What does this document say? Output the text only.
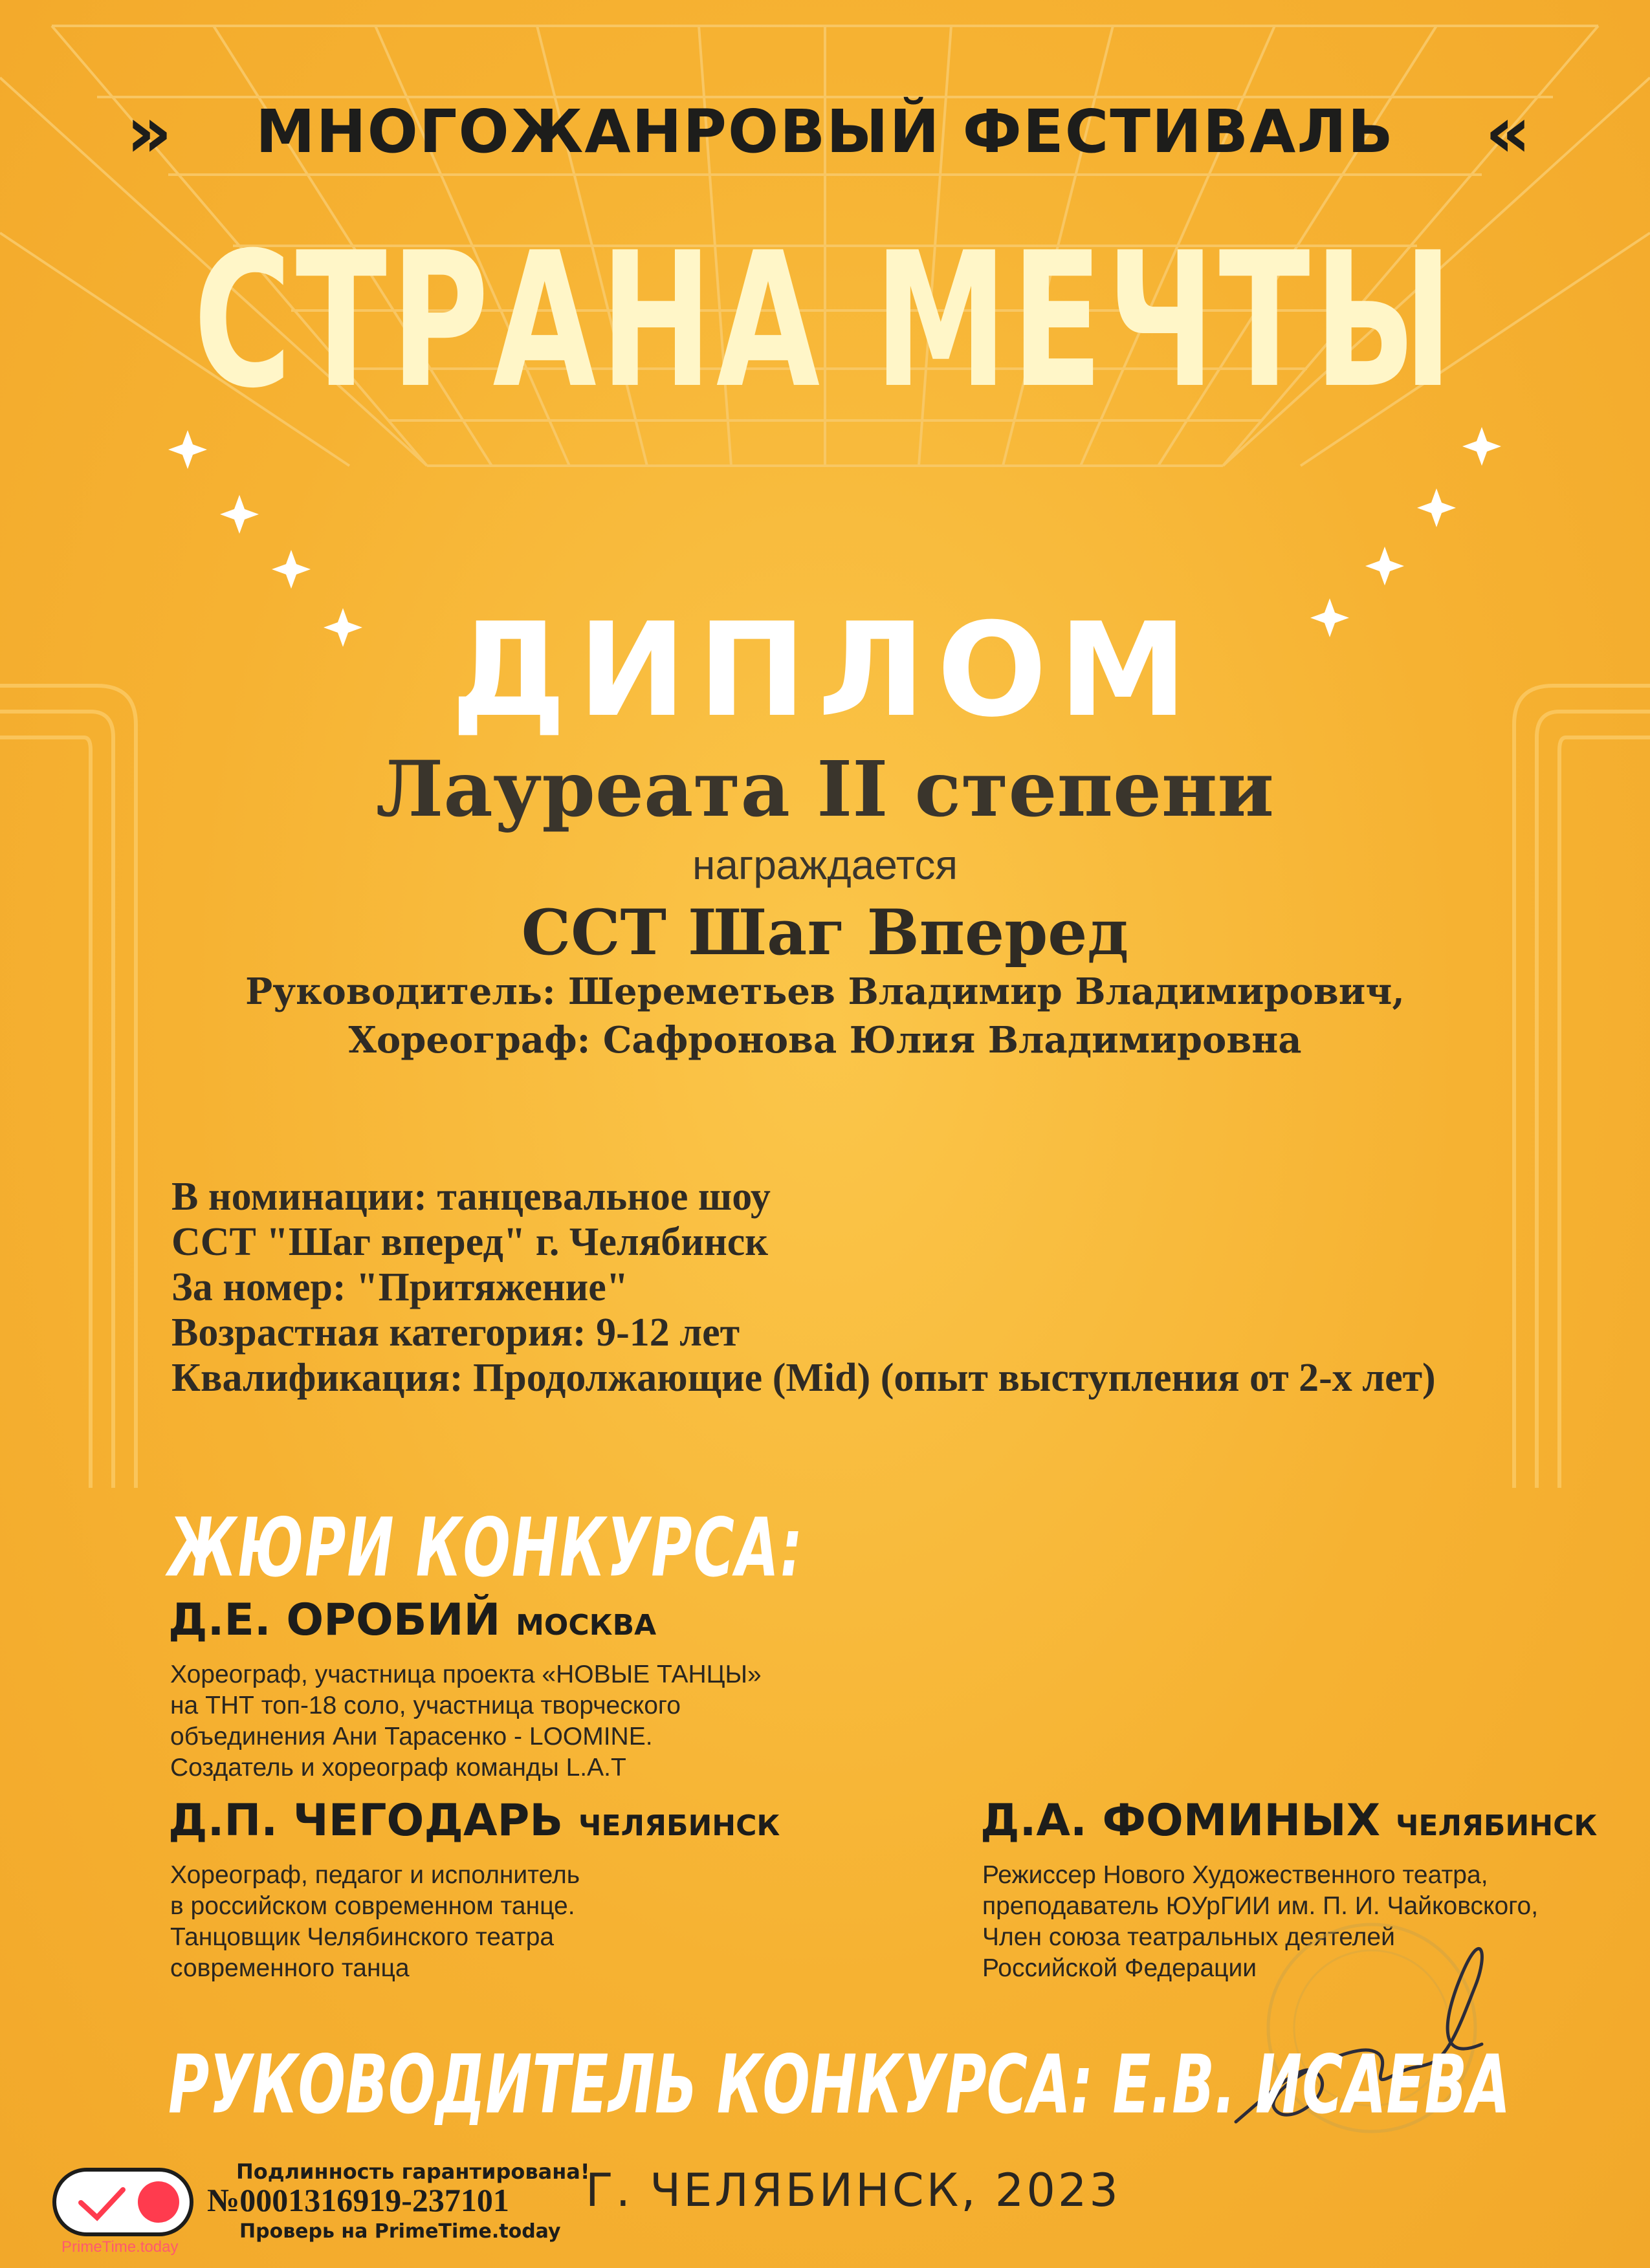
»	«
МНОГОЖАНРОВЫЙ ФЕСТИВАЛЬ
СТРАНА МЕЧТЫ
ДИПЛОМ
Лауреата II степени
награждается
ССТ Шаг Вперед
Руководитель: Шереметьев Владимир Владимирович,
Хореограф: Сафронова Юлия Владимировна
В номинации: танцевальное шоу
ССТ "Шаг вперед" г. Челябинск
За номер: "Притяжение"
Возрастная категория: 9-12 лет
Квалификация: Продолжающие (Mid) (опыт выступления от 2-х лет)
ЖЮРИ КОНКУРСА:
Д.Е. ОРОБИЙ МОСКВА
Хореограф, участница проекта «НОВЫЕ ТАНЦЫ»
на ТНТ топ-18 соло, участница творческого
объединения Ани Тарасенко - LOOMINE.
Создатель и хореограф команды L.A.T
Д.П. ЧЕГОДАРЬ ЧЕЛЯБИНСК
Хореограф, педагог и исполнитель
в российском современном танце.
Танцовщик Челябинского театра
современного танца
Д.А. ФОМИНЫХ ЧЕЛЯБИНСК
Режиссер Нового Художественного театра,
преподаватель ЮУрГИИ им. П. И. Чайковского,
Член союза театральных деятелей
Российской Федерации
РУКОВОДИТЕЛЬ КОНКУРСА: Е.В. ИСАЕВА
PrimeTime.today
Подлинность гарантирована!
№0001316919-237101
Проверь на PrimeTime.today
Г. ЧЕЛЯБИНСК, 2023
